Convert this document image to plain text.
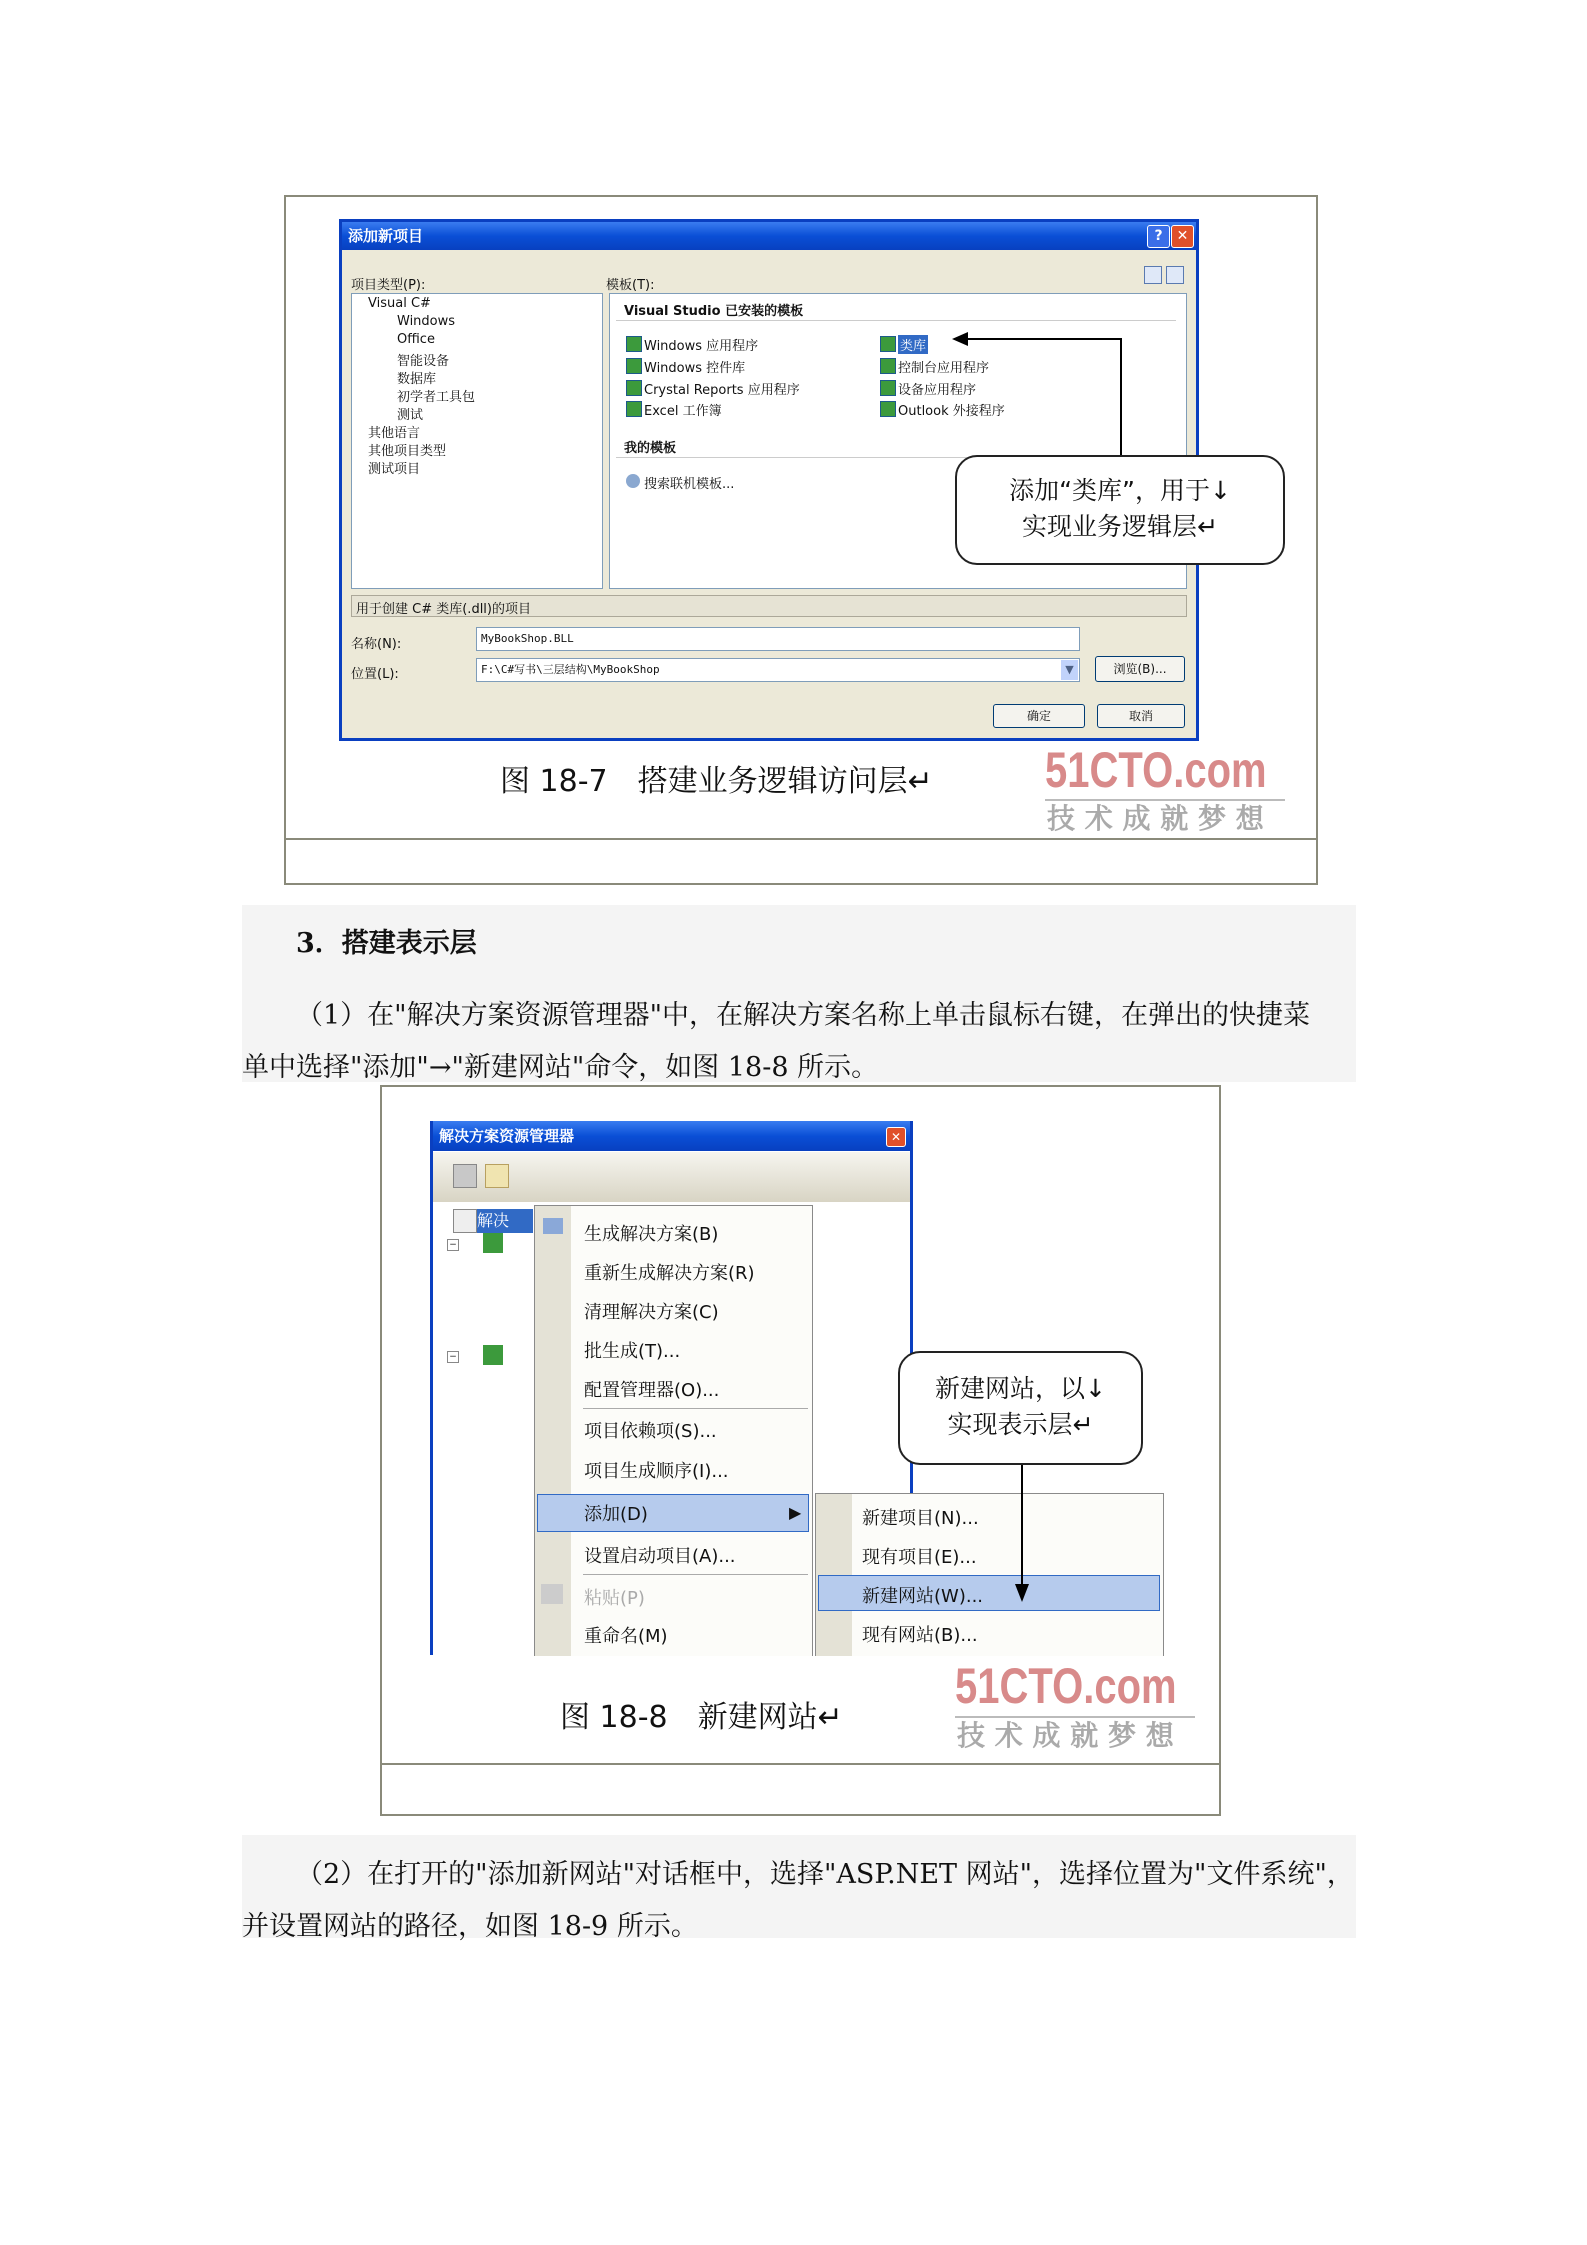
添加新项目	?	✕
项目类型(P):	模板(T):
Visual C#
Windows
Office
智能设备
数据库
初学者工具包
测试
其他语言
其他项目类型
测试项目
Visual Studio 已安装的模板
Windows 应用程序
Windows 控件库
Crystal Reports 应用程序
Excel 工作簿
类库
控制台应用程序
设备应用程序
Outlook 外接程序
我的模板
搜索联机模板...
用于创建 C# 类库(.dll)的项目
名称(N):	MyBookShop.BLL
位置(L):	F:\C#写书\三层结构\MyBookShop	▼	浏览(B)...
确定	取消
添加“类库”，用于↓
实现业务逻辑层↵
51CTO.com
技 术 成 就 梦 想
图 18-7　搭建业务逻辑访问层↵
3．搭建表示层
（1）在"解决方案资源管理器"中，在解决方案名称上单击鼠标右键，在弹出的快捷菜
单中选择"添加"→"新建网站"命令，如图 18-8 所示。
解决方案资源管理器	✕
解决
−
−
生成解决方案(B)
重新生成解决方案(R)
清理解决方案(C)
批生成(T)...
配置管理器(O)...
项目依赖项(S)...
项目生成顺序(I)...
添加(D)	▶
设置启动项目(A)...
粘贴(P)
重命名(M)
新建项目(N)...
现有项目(E)...
新建网站(W)...
现有网站(B)...
新建网站，以↓
实现表示层↵
51CTO.com
技 术 成 就 梦 想
图 18-8　新建网站↵
（2）在打开的"添加新网站"对话框中，选择"ASP.NET 网站"，选择位置为"文件系统"，
并设置网站的路径，如图 18-9 所示。
